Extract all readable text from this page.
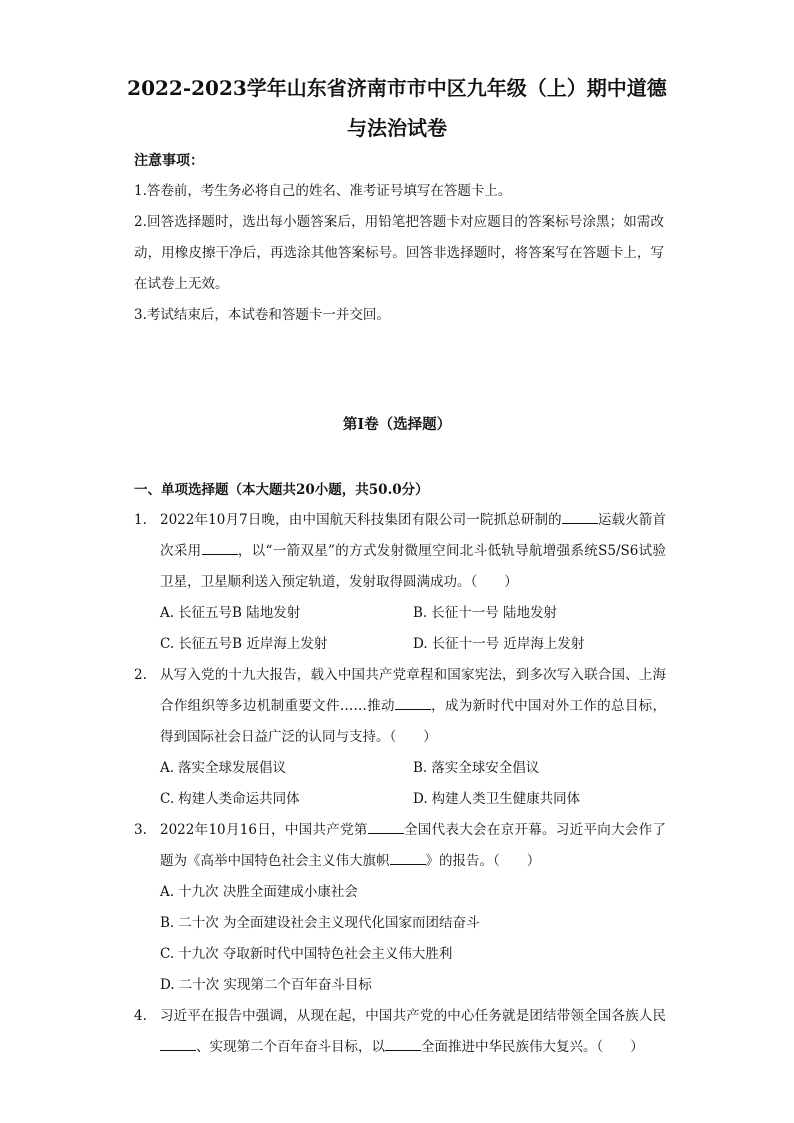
2022-2023学年山东省济南市市中区九年级（上）期中道德与法治试卷
注意事项：

1.答卷前，考生务必将自己的姓名、准考证号填写在答题卡上。

2.回答选择题时，选出每小题答案后，用铅笔把答题卡对应题目的答案标号涂黑；如需改动，用橡皮擦干净后，再选涂其他答案标号。回答非选择题时，将答案写在答题卡上，写在试卷上无效。

3.考试结束后，本试卷和答题卡一并交回。

第Ⅰ卷（选择题）
一、单项选择题（本大题共20小题，共50.0分）
1. 2022年10月7日晚，由中国航天科技集团有限公司一院抓总研制的	运载火箭首次采用	，以“一箭双星”的方式发射微厘空间北斗低轨导航增强系统S5/S6试验卫星，卫星顺利送入预定轨道，发射取得圆满成功。（　　）
A. 长征五号B 陆地发射	B. 长征十一号 陆地发射
C. 长征五号B 近岸海上发射	D. 长征十一号 近岸海上发射
2. 从写入党的十九大报告，载入中国共产党章程和国家宪法，到多次写入联合国、上海合作组织等多边机制重要文件……推动	，成为新时代中国对外工作的总目标，得到国际社会日益广泛的认同与支持。（　　）
A. 落实全球发展倡议	B. 落实全球安全倡议
C. 构建人类命运共同体	D. 构建人类卫生健康共同体
3. 2022年10月16日，中国共产党第	全国代表大会在京开幕。习近平向大会作了题为《高举中国特色社会主义伟大旗帜	》的报告。（　　）
A. 十九次 决胜全面建成小康社会
B. 二十次 为全面建设社会主义现代化国家而团结奋斗
C. 十九次 夺取新时代中国特色社会主义伟大胜利
D. 二十次 实现第二个百年奋斗目标
4. 习近平在报告中强调，从现在起，中国共产党的中心任务就是团结带领全国各族人民、实现第二个百年奋斗目标，以	全面推进中华民族伟大复兴。（　　）
